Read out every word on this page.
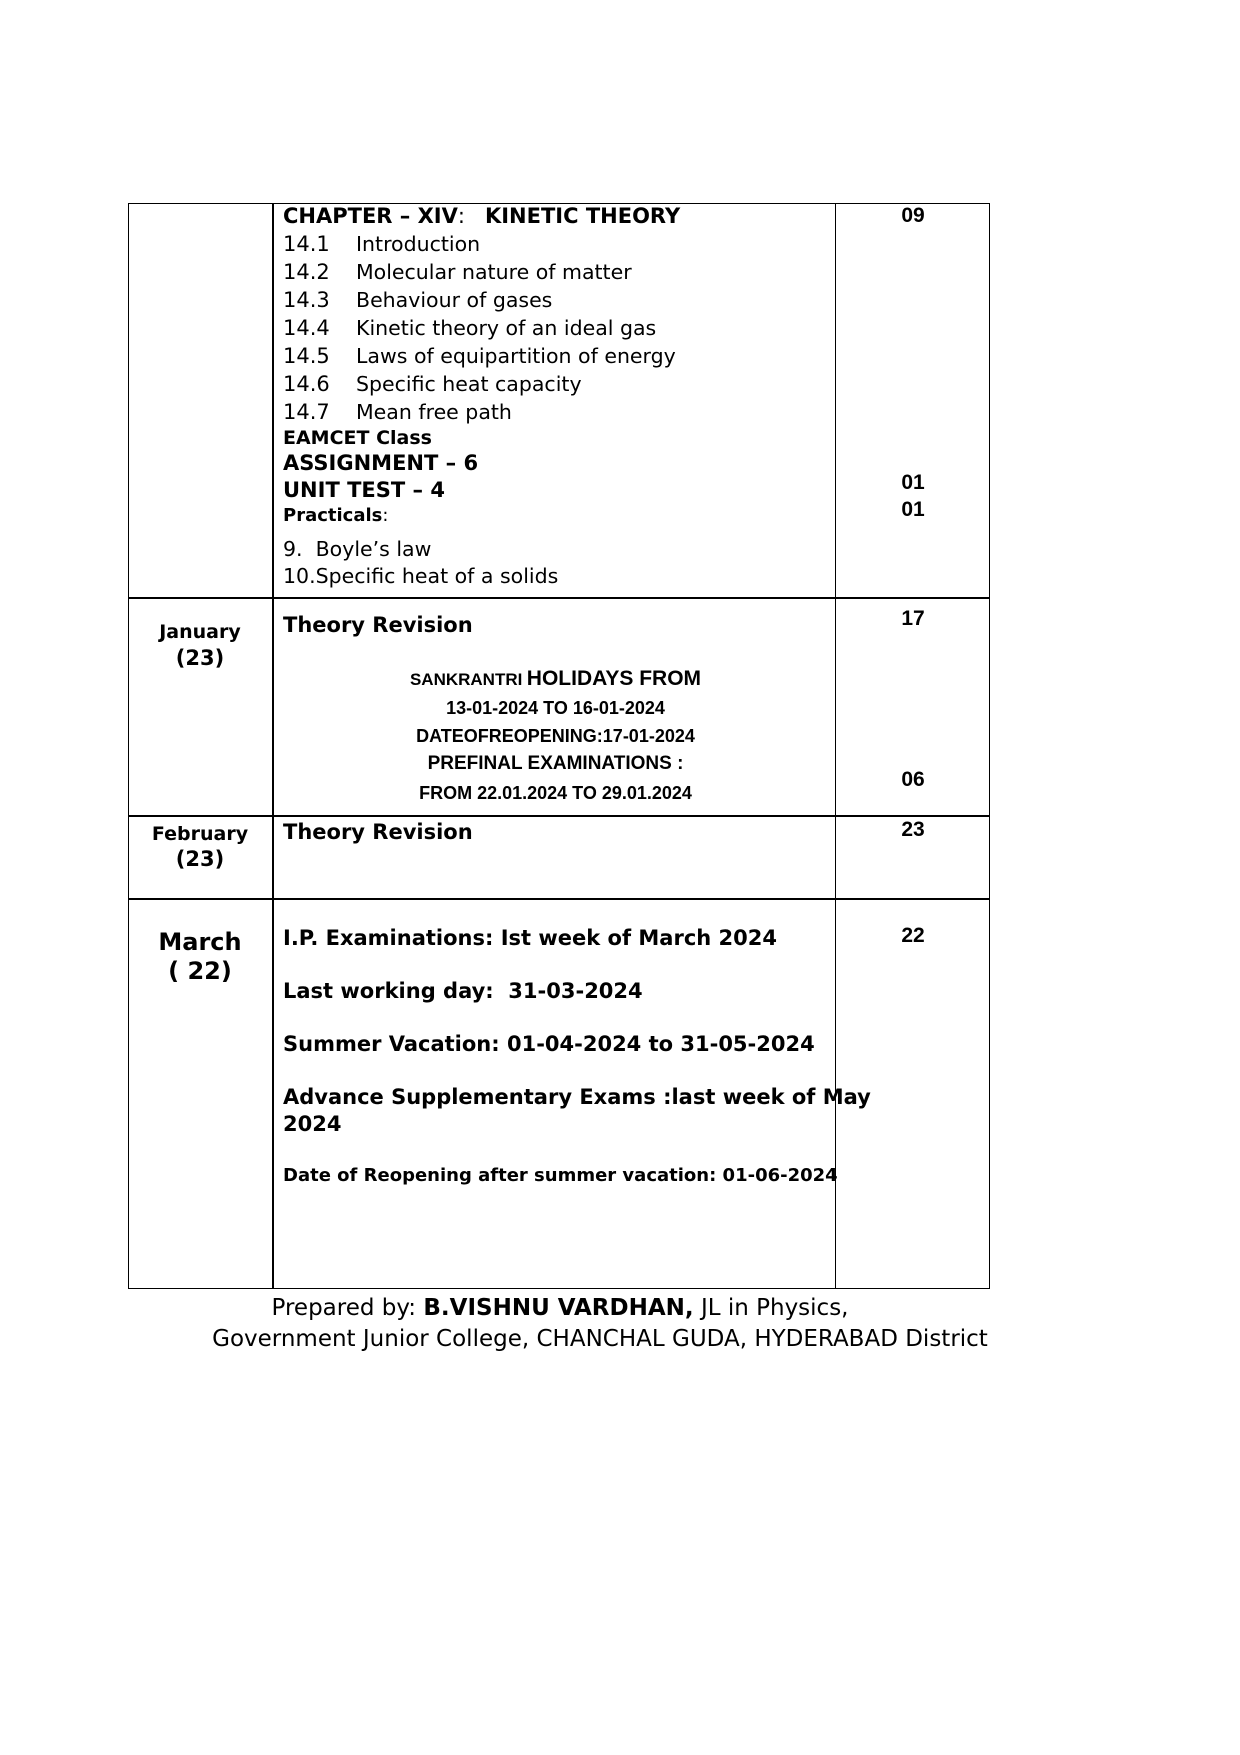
CHAPTER – XIV: KINETIC THEORY
14.1 Introduction
14.2 Molecular nature of matter
14.3 Behaviour of gases
14.4 Kinetic theory of an ideal gas
14.5 Laws of equipartition of energy
14.6 Specific heat capacity
14.7 Mean free path
EAMCET Class
ASSIGNMENT – 6
UNIT TEST – 4
Practicals:
9.  Boyle’s law
10.Specific heat of a solids
09
01
01
January
(23)
Theory Revision
SANKRANTRI HOLIDAYS FROM
13-01-2024 TO 16-01-2024
DATEOFREOPENING:17-01-2024
PREFINAL EXAMINATIONS :
FROM 22.01.2024 TO 29.01.2024
17
06
February
(23)
Theory Revision	23
March
( 22)
I.P. Examinations: Ist week of March 2024
Last working day:  31-03-2024
Summer Vacation: 01-04-2024 to 31-05-2024
Advance Supplementary Exams :last week of May
2024
Date of Reopening after summer vacation: 01-06-2024
22
Prepared by: B.VISHNU VARDHAN, JL in Physics,
Government Junior College, CHANCHAL GUDA, HYDERABAD District
